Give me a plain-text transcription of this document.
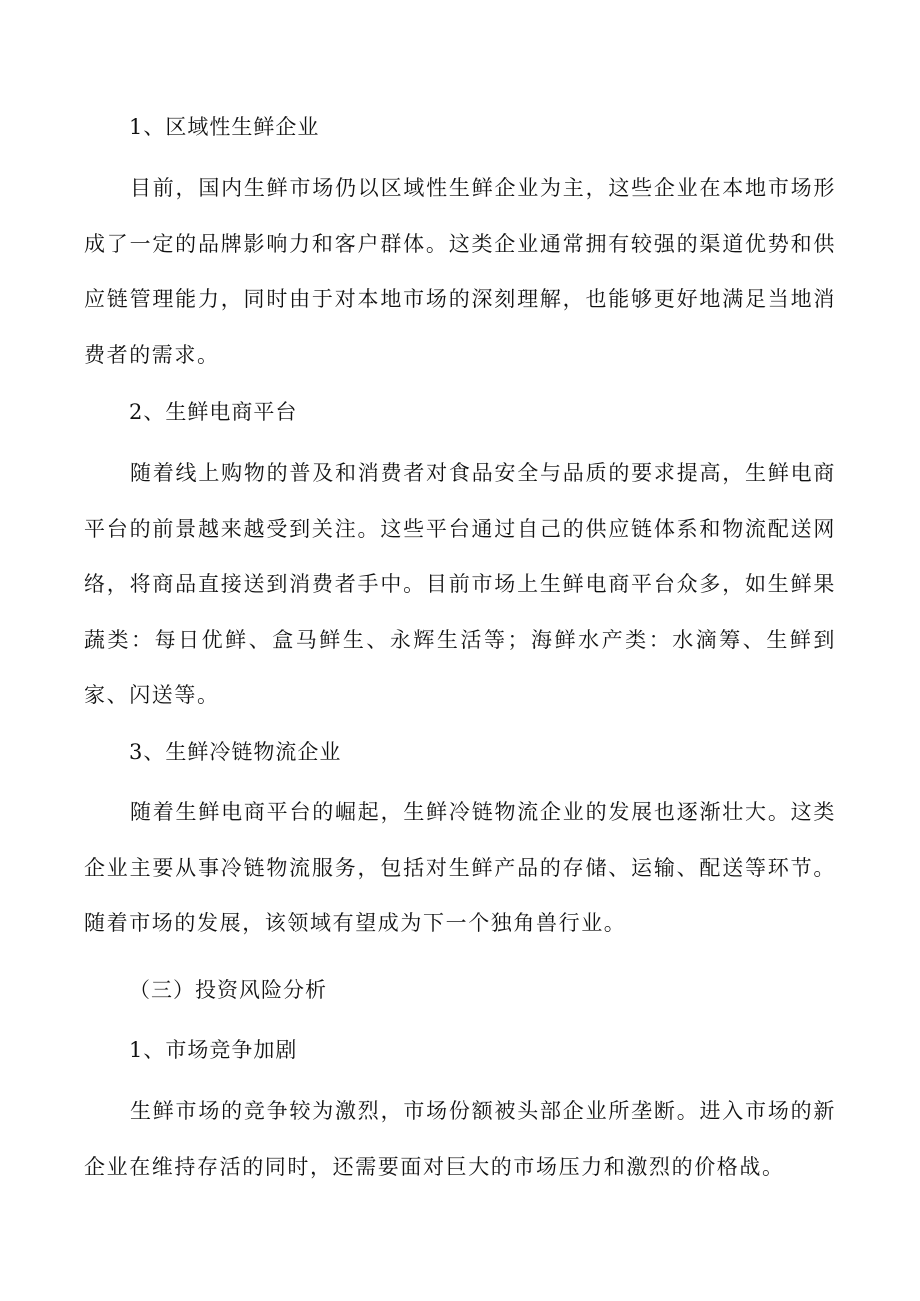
1、区域性生鲜企业

目前，国内生鲜市场仍以区域性生鲜企业为主，这些企业在本地市场形成了一定的品牌影响力和客户群体。这类企业通常拥有较强的渠道优势和供应链管理能力，同时由于对本地市场的深刻理解，也能够更好地满足当地消费者的需求。

2、生鲜电商平台

随着线上购物的普及和消费者对食品安全与品质的要求提高，生鲜电商平台的前景越来越受到关注。这些平台通过自己的供应链体系和物流配送网络，将商品直接送到消费者手中。目前市场上生鲜电商平台众多，如生鲜果蔬类：每日优鲜、盒马鲜生、永辉生活等；海鲜水产类：水滴筹、生鲜到家、闪送等。

3、生鲜冷链物流企业

随着生鲜电商平台的崛起，生鲜冷链物流企业的发展也逐渐壮大。这类企业主要从事冷链物流服务，包括对生鲜产品的存储、运输、配送等环节。随着市场的发展，该领域有望成为下一个独角兽行业。

（三）投资风险分析
1、市场竞争加剧

生鲜市场的竞争较为激烈，市场份额被头部企业所垄断。进入市场的新企业在维持存活的同时，还需要面对巨大的市场压力和激烈的价格战。
